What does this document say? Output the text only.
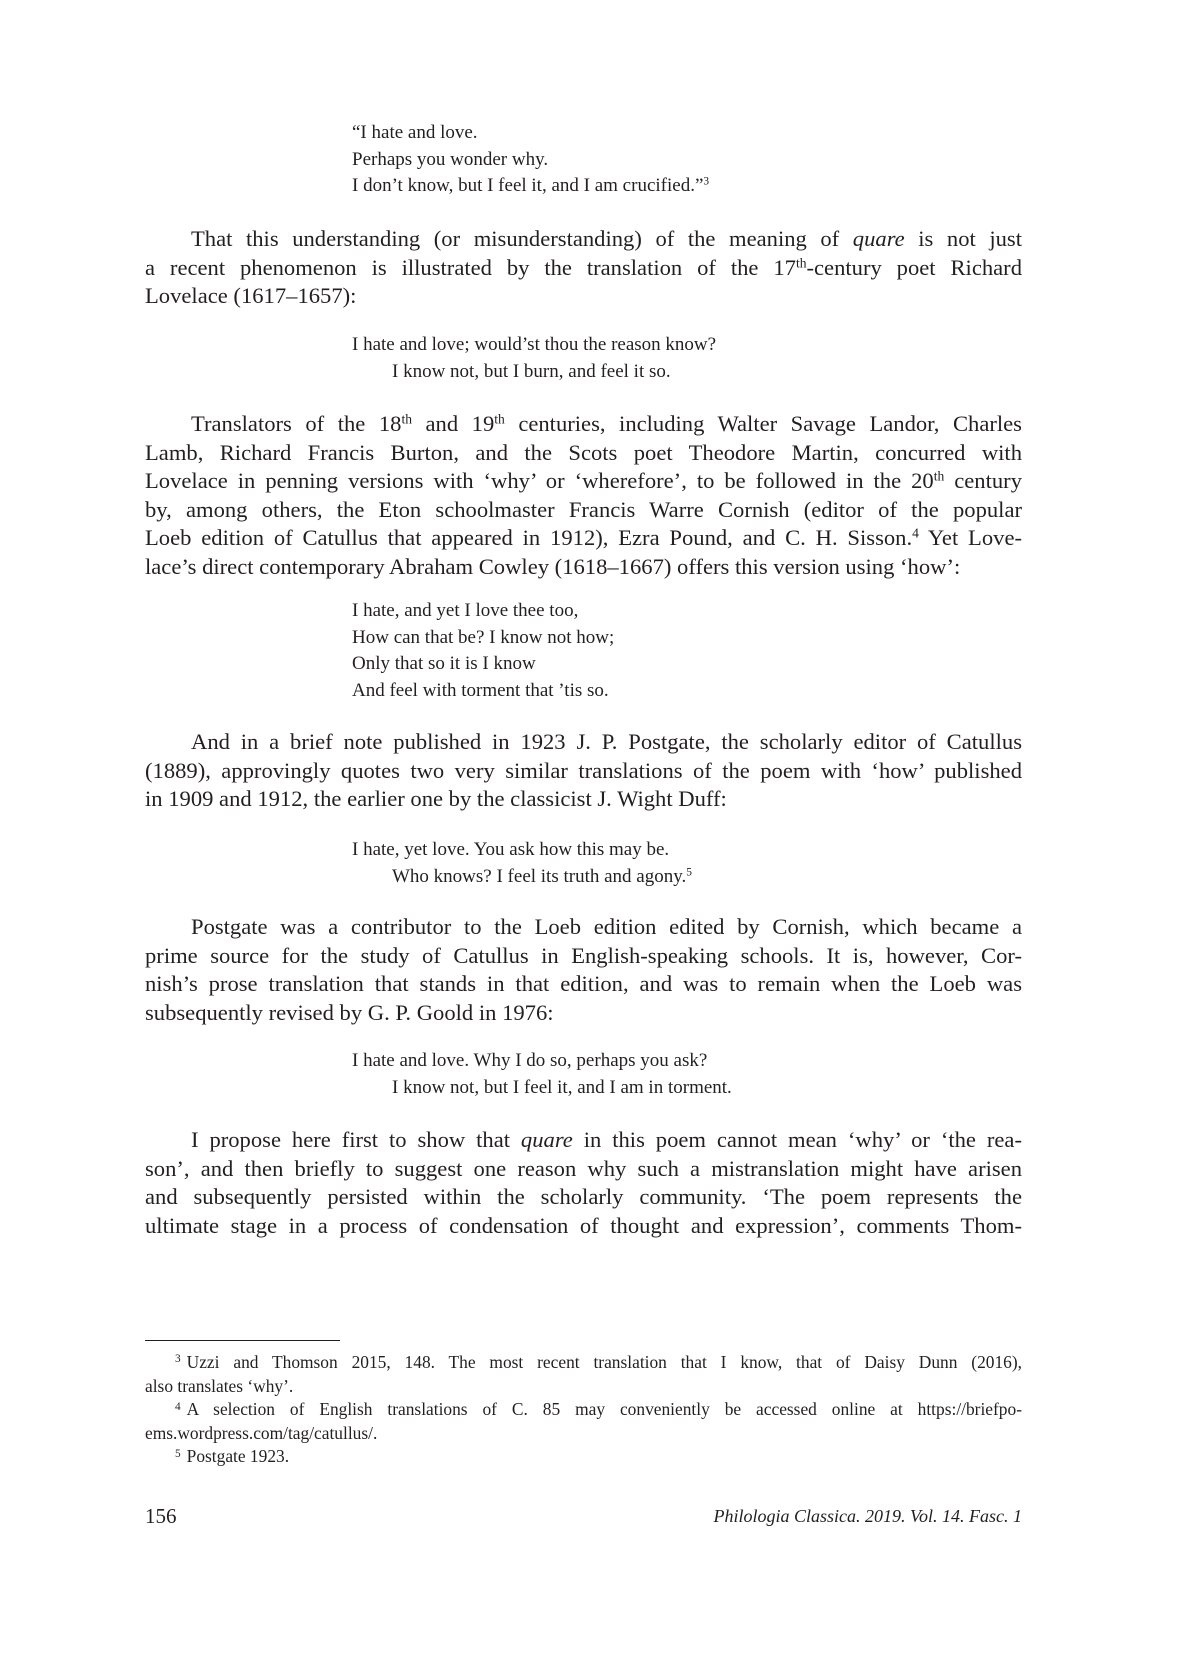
“I hate and love.
Perhaps you wonder why.
I don’t know, but I feel it, and I am crucified.”$^3$
That this understanding (or misunderstanding) of the meaning of quare is not just
a recent phenomenon is illustrated by the translation of the 17th-century poet Richard
Lovelace (1617–1657):
I hate and love; would’st thou the reason know?
I know not, but I burn, and feel it so.
Translators of the 18th and 19th centuries, including Walter Savage Landor, Charles
Lamb, Richard Francis Burton, and the Scots poet Theodore Martin, concurred with
Lovelace in penning versions with ‘why’ or ‘wherefore’, to be followed in the 20th century
by, among others, the Eton schoolmaster Francis Warre Cornish (editor of the popular
Loeb edition of Catullus that appeared in 1912), Ezra Pound, and C. H. Sisson.$^4$ Yet Love-
lace’s direct contemporary Abraham Cowley (1618–1667) offers this version using ‘how’:
I hate, and yet I love thee too,
How can that be? I know not how;
Only that so it is I know
And feel with torment that ’tis so.
And in a brief note published in 1923 J. P. Postgate, the scholarly editor of Catullus
(1889), approvingly quotes two very similar translations of the poem with ‘how’ published
in 1909 and 1912, the earlier one by the classicist J. Wight Duff:
I hate, yet love. You ask how this may be.
Who knows? I feel its truth and agony.$^5$
Postgate was a contributor to the Loeb edition edited by Cornish, which became a
prime source for the study of Catullus in English-speaking schools. It is, however, Cor-
nish’s prose translation that stands in that edition, and was to remain when the Loeb was
subsequently revised by G. P. Goold in 1976:
I hate and love. Why I do so, perhaps you ask?
I know not, but I feel it, and I am in torment.
I propose here first to show that quare in this poem cannot mean ‘why’ or ‘the rea-
son’, and then briefly to suggest one reason why such a mistranslation might have arisen
and subsequently persisted within the scholarly community. ‘The poem represents the
ultimate stage in a process of condensation of thought and expression’, comments Thom-
$^3$ Uzzi and Thomson 2015, 148. The most recent translation that I know, that of Daisy Dunn (2016),
also translates ‘why’.
$^4$ A selection of English translations of C. 85 may conveniently be accessed online at https://briefpo-
ems.wordpress.com/tag/catullus/.
$^5$ Postgate 1923.
156	Philologia Classica. 2019. Vol. 14. Fasc. 1
